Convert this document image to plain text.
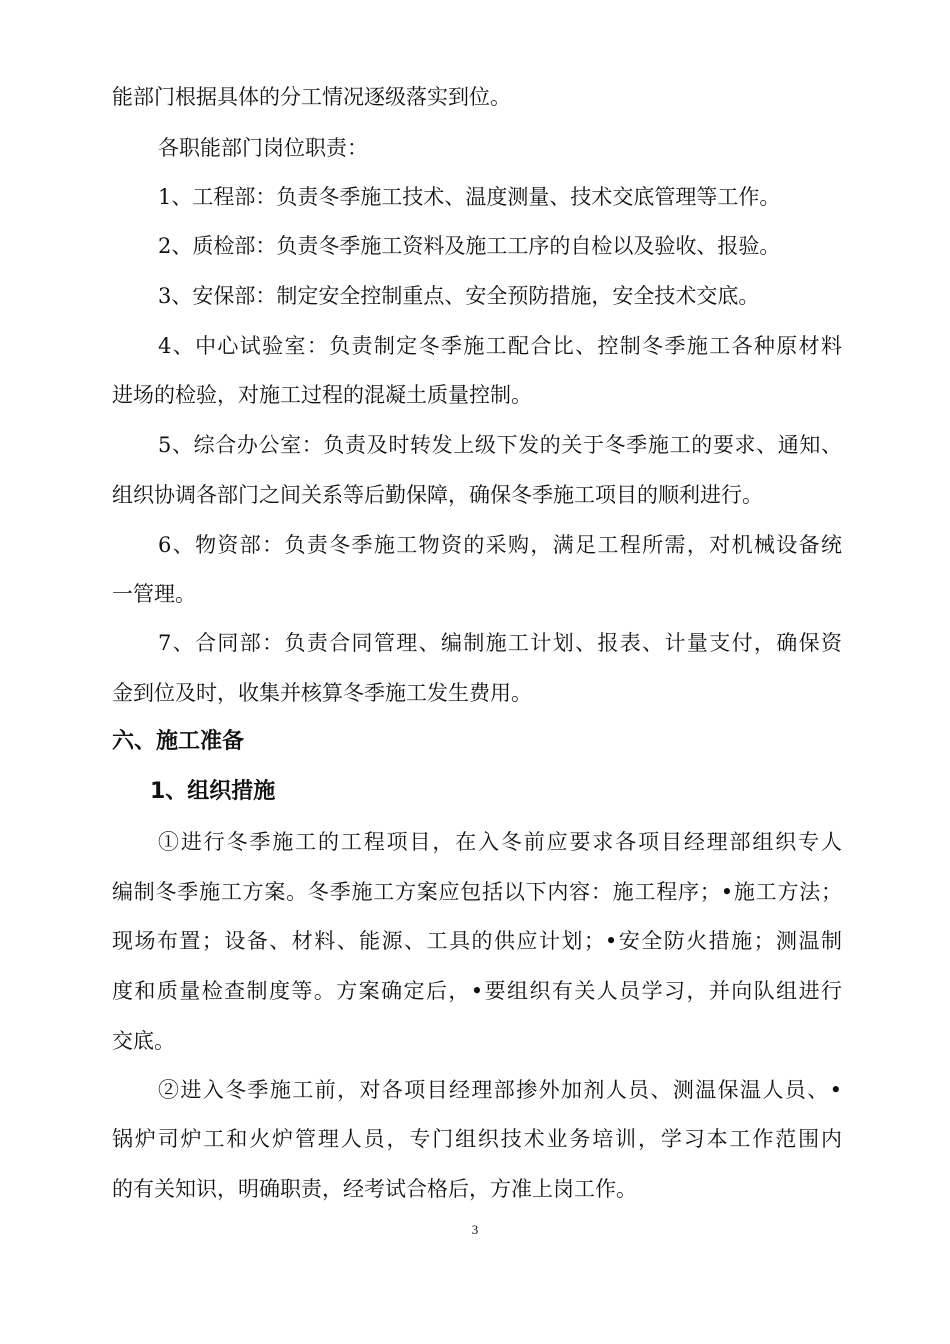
能部门根据具体的分工情况逐级落实到位。
各职能部门岗位职责：
1、工程部：负责冬季施工技术、温度测量、技术交底管理等工作。
2、质检部：负责冬季施工资料及施工工序的自检以及验收、报验。
3、安保部：制定安全控制重点、安全预防措施，安全技术交底。
4、中心试验室：负责制定冬季施工配合比、控制冬季施工各种原材料
进场的检验，对施工过程的混凝土质量控制。
5、综合办公室：负责及时转发上级下发的关于冬季施工的要求、通知、
组织协调各部门之间关系等后勤保障，确保冬季施工项目的顺利进行。
6、物资部：负责冬季施工物资的采购，满足工程所需，对机械设备统
一管理。
7、合同部：负责合同管理、编制施工计划、报表、计量支付，确保资
金到位及时，收集并核算冬季施工发生费用。
六、施工准备
1、组织措施
①进行冬季施工的工程项目，在入冬前应要求各项目经理部组织专人
编制冬季施工方案。冬季施工方案应包括以下内容：施工程序；•施工方法；
现场布置；设备、材料、能源、工具的供应计划；•安全防火措施；测温制
度和质量检查制度等。方案确定后，•要组织有关人员学习，并向队组进行
交底。
②进入冬季施工前，对各项目经理部掺外加剂人员、测温保温人员、•
锅炉司炉工和火炉管理人员，专门组织技术业务培训，学习本工作范围内
的有关知识，明确职责，经考试合格后，方准上岗工作。
3
